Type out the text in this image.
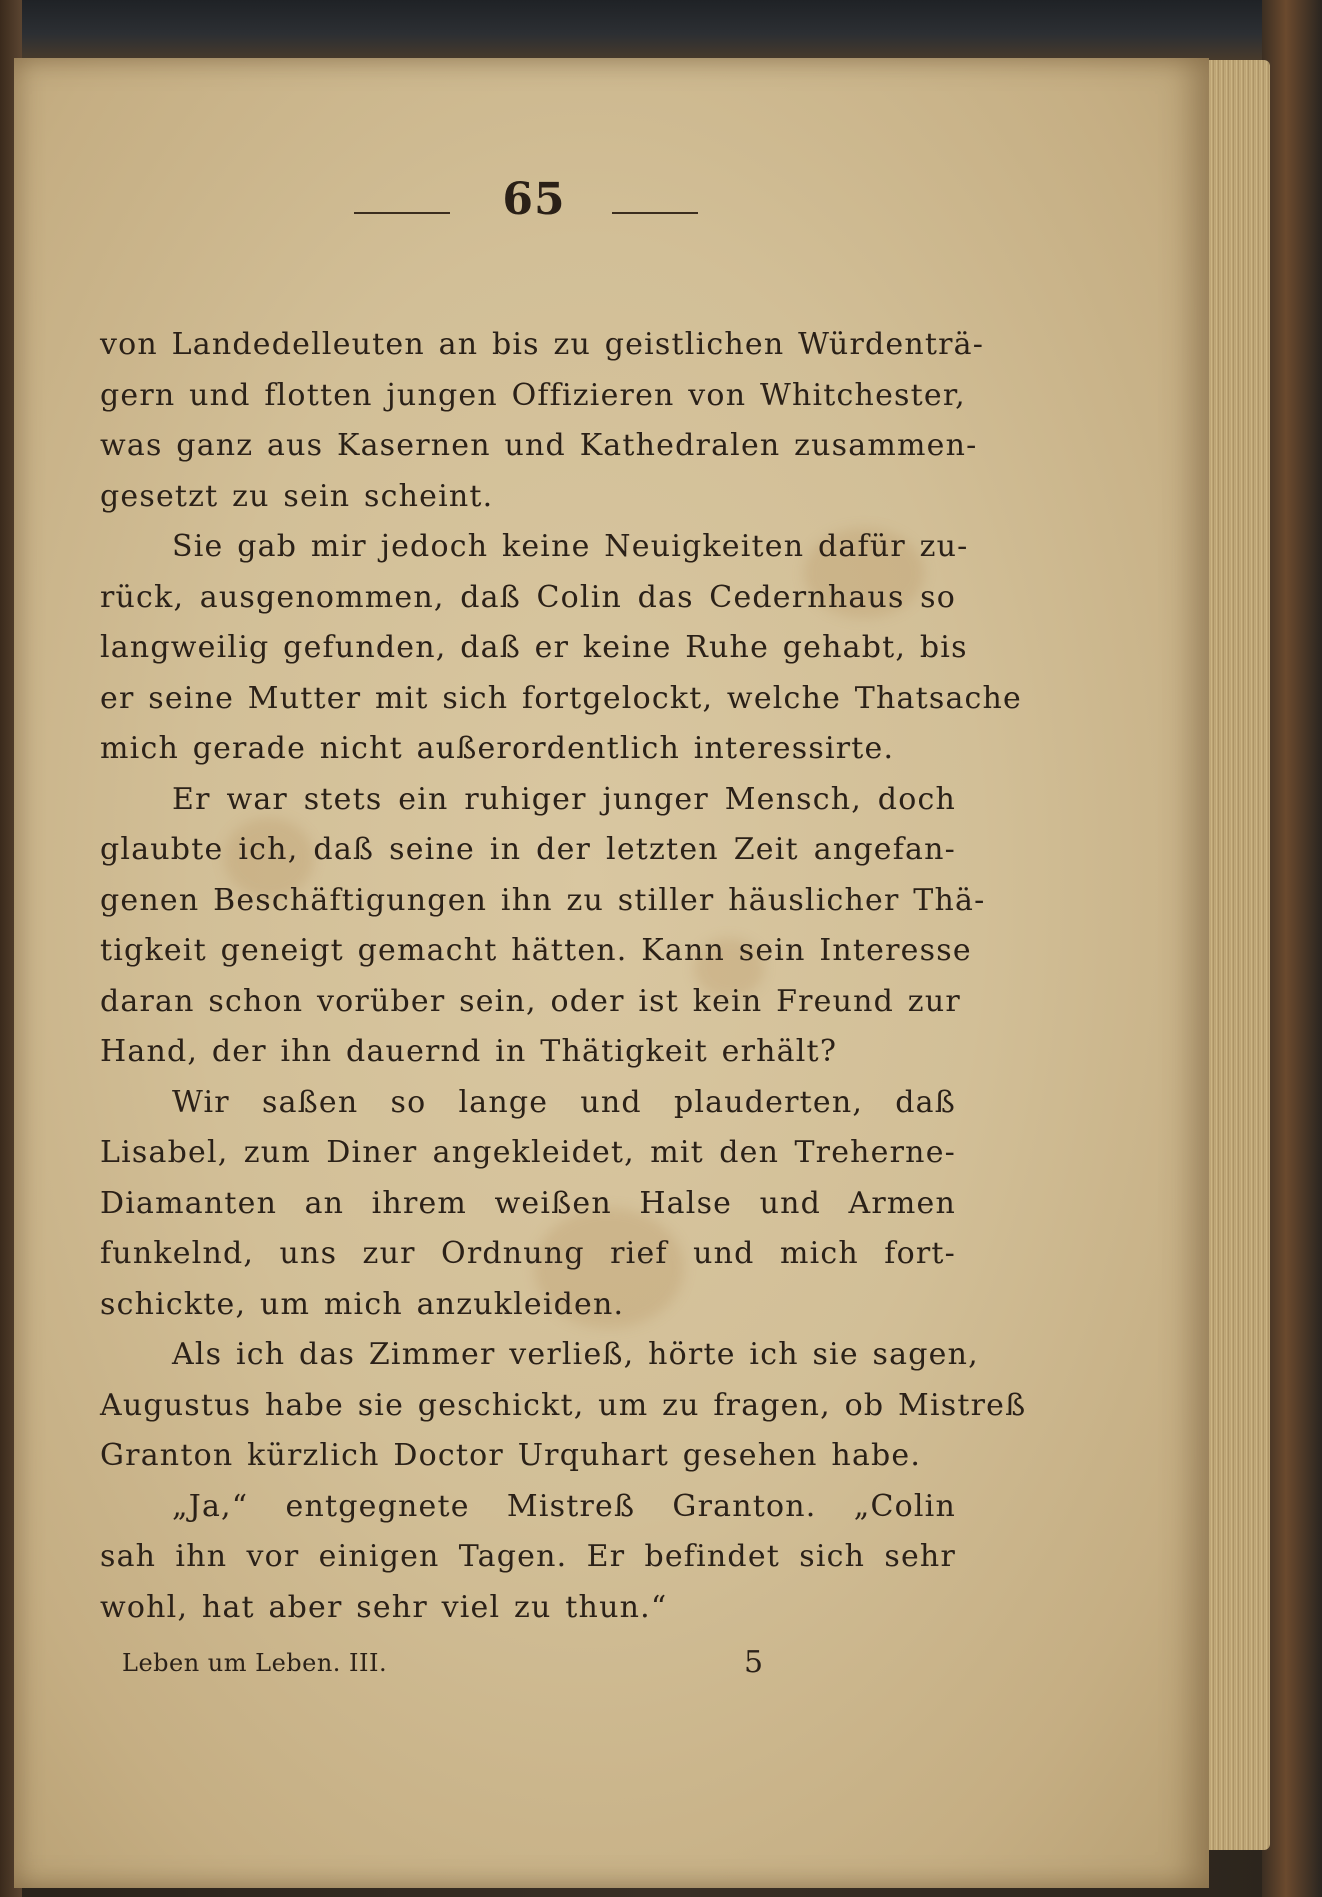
65
von Landedelleuten an bis zu geistlichen Würdenträ-
gern und flotten jungen Offizieren von Whitchester,
was ganz aus Kasernen und Kathedralen zusammen-
gesetzt zu sein scheint.
Sie gab mir jedoch keine Neuigkeiten dafür zu-
rück, ausgenommen, daß Colin das Cedernhaus so
langweilig gefunden, daß er keine Ruhe gehabt, bis
er seine Mutter mit sich fortgelockt, welche Thatsache
mich gerade nicht außerordentlich interessirte.
Er war stets ein ruhiger junger Mensch, doch
glaubte ich, daß seine in der letzten Zeit angefan-
genen Beschäftigungen ihn zu stiller häuslicher Thä-
tigkeit geneigt gemacht hätten. Kann sein Interesse
daran schon vorüber sein, oder ist kein Freund zur
Hand, der ihn dauernd in Thätigkeit erhält?
Wir saßen so lange und plauderten, daß
Lisabel, zum Diner angekleidet, mit den Treherne-
Diamanten an ihrem weißen Halse und Armen
funkelnd, uns zur Ordnung rief und mich fort-
schickte, um mich anzukleiden.
Als ich das Zimmer verließ, hörte ich sie sagen,
Augustus habe sie geschickt, um zu fragen, ob Mistreß
Granton kürzlich Doctor Urquhart gesehen habe.
„Ja,“ entgegnete Mistreß Granton. „Colin
sah ihn vor einigen Tagen. Er befindet sich sehr
wohl, hat aber sehr viel zu thun.“
Leben um Leben. III.	5
